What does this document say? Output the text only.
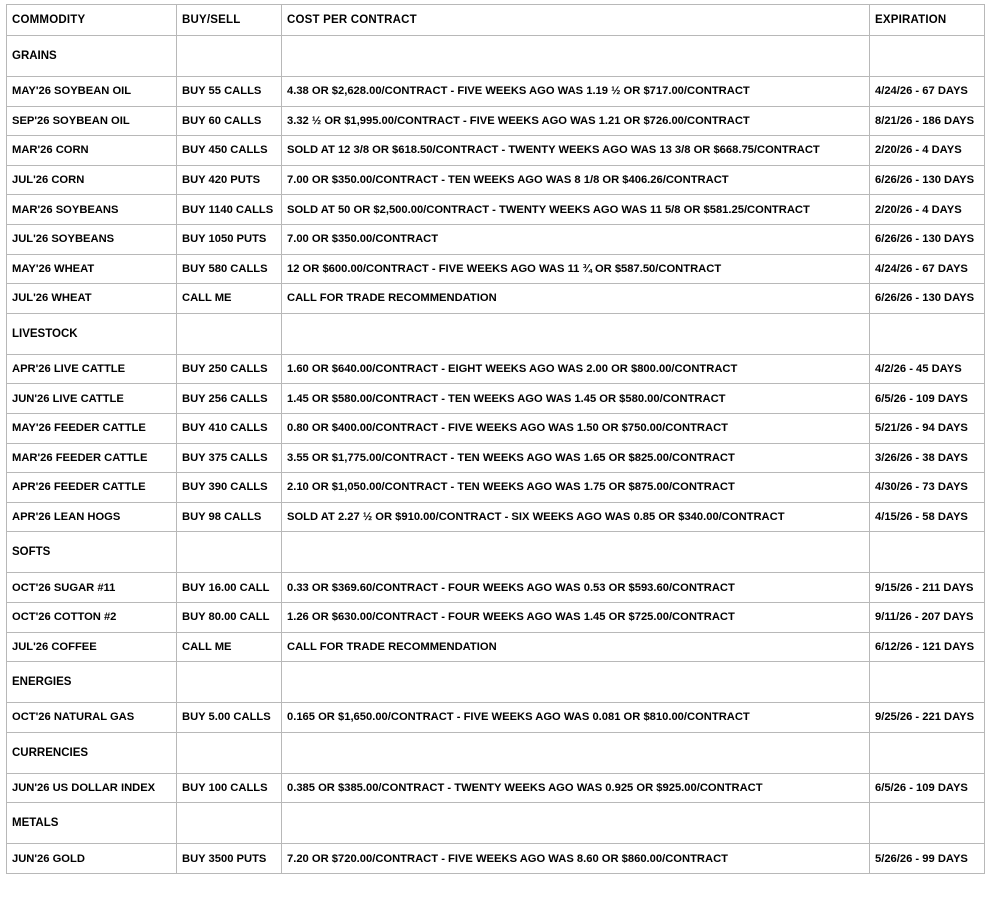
COMMODITY	BUY/SELL	COST PER CONTRACT	EXPIRATION
GRAINS			
MAY'26 SOYBEAN OIL	BUY 55 CALLS	4.38 OR $2,628.00/CONTRACT - FIVE WEEKS AGO WAS 1.19 ½ OR $717.00/CONTRACT	4/24/26 - 67 DAYS
SEP'26 SOYBEAN OIL	BUY 60 CALLS	3.32 ½ OR $1,995.00/CONTRACT - FIVE WEEKS AGO WAS 1.21 OR $726.00/CONTRACT	8/21/26 - 186 DAYS
MAR'26 CORN	BUY 450 CALLS	SOLD AT 12 3/8 OR $618.50/CONTRACT - TWENTY WEEKS AGO WAS 13 3/8 OR $668.75/CONTRACT	2/20/26 - 4 DAYS
JUL'26 CORN	BUY 420 PUTS	7.00 OR $350.00/CONTRACT - TEN WEEKS AGO WAS 8 1/8 OR $406.26/CONTRACT	6/26/26 - 130 DAYS
MAR'26 SOYBEANS	BUY 1140 CALLS	SOLD AT 50 OR $2,500.00/CONTRACT - TWENTY WEEKS AGO WAS 11 5/8 OR $581.25/CONTRACT	2/20/26 - 4 DAYS
JUL'26 SOYBEANS	BUY 1050 PUTS	7.00 OR $350.00/CONTRACT	6/26/26 - 130 DAYS
MAY'26 WHEAT	BUY 580 CALLS	12 OR $600.00/CONTRACT - FIVE WEEKS AGO WAS 11 ¾ OR $587.50/CONTRACT	4/24/26 - 67 DAYS
JUL'26 WHEAT	CALL ME	CALL FOR TRADE RECOMMENDATION	6/26/26 - 130 DAYS
LIVESTOCK			
APR'26 LIVE CATTLE	BUY 250 CALLS	1.60 OR $640.00/CONTRACT - EIGHT WEEKS AGO WAS 2.00 OR $800.00/CONTRACT	4/2/26 - 45 DAYS
JUN'26 LIVE CATTLE	BUY 256 CALLS	1.45 OR $580.00/CONTRACT - TEN WEEKS AGO WAS 1.45 OR $580.00/CONTRACT	6/5/26 - 109 DAYS
MAY'26 FEEDER CATTLE	BUY 410 CALLS	0.80 OR $400.00/CONTRACT - FIVE WEEKS AGO WAS 1.50 OR $750.00/CONTRACT	5/21/26 - 94 DAYS
MAR'26 FEEDER CATTLE	BUY 375 CALLS	3.55 OR $1,775.00/CONTRACT - TEN WEEKS AGO WAS 1.65 OR $825.00/CONTRACT	3/26/26 - 38 DAYS
APR'26 FEEDER CATTLE	BUY 390 CALLS	2.10 OR $1,050.00/CONTRACT - TEN WEEKS AGO WAS 1.75 OR $875.00/CONTRACT	4/30/26 - 73 DAYS
APR'26 LEAN HOGS	BUY 98 CALLS	SOLD AT 2.27 ½ OR $910.00/CONTRACT - SIX WEEKS AGO WAS 0.85 OR $340.00/CONTRACT	4/15/26 - 58 DAYS
SOFTS			
OCT'26 SUGAR #11	BUY 16.00 CALL	0.33 OR $369.60/CONTRACT - FOUR WEEKS AGO WAS 0.53 OR $593.60/CONTRACT	9/15/26 - 211 DAYS
OCT'26 COTTON #2	BUY 80.00 CALL	1.26 OR $630.00/CONTRACT - FOUR WEEKS AGO WAS 1.45 OR $725.00/CONTRACT	9/11/26 - 207 DAYS
JUL'26 COFFEE	CALL ME	CALL FOR TRADE RECOMMENDATION	6/12/26 - 121 DAYS
ENERGIES			
OCT'26 NATURAL GAS	BUY 5.00 CALLS	0.165 OR $1,650.00/CONTRACT - FIVE WEEKS AGO WAS 0.081 OR $810.00/CONTRACT	9/25/26 - 221 DAYS
CURRENCIES			
JUN'26 US DOLLAR INDEX	BUY 100 CALLS	0.385 OR $385.00/CONTRACT - TWENTY WEEKS AGO WAS 0.925 OR $925.00/CONTRACT	6/5/26 - 109 DAYS
METALS			
JUN'26 GOLD	BUY 3500 PUTS	7.20 OR $720.00/CONTRACT - FIVE WEEKS AGO WAS 8.60 OR $860.00/CONTRACT	5/26/26 - 99 DAYS
